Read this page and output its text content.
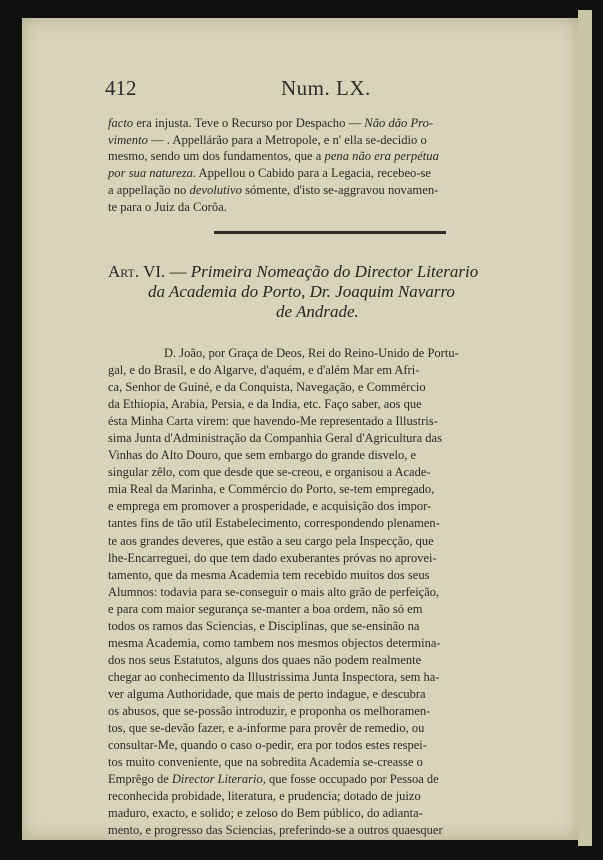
412	Num. LX.
facto era injusta. Teve o Recurso por Despacho — Não dão Pro-
vimento — . Appellárão para a Metropole, e n' ella se-decidio o
mesmo, sendo um dos fundamentos, que a pena não era perpétua
por sua natureza. Appellou o Cabido para a Legacia, recebeo-se
a appellação no devolutivo sómente, d'isto se-aggravou novamen-
te para o Juiz da Corôa.
Art. VI. — Primeira Nomeação do Director Literario
da Academia do Porto, Dr. Joaquim Navarro
de Andrade.
D. João, por Graça de Deos, Rei do Reino-Unido de Portu-
gal, e do Brasil, e do Algarve, d'aquém, e d'além Mar em Afri-
ca, Senhor de Guiné, e da Conquista, Navegação, e Commércio
da Ethiopia, Arabia, Persia, e da India, etc. Faço saber, aos que
ésta Minha Carta virem: que havendo-Me representado a Illustris-
sima Junta d'Administração da Companhia Geral d'Agricultura das
Vinhas do Alto Douro, que sem embargo do grande disvelo, e
singular zêlo, com que desde que se-creou, e organisou a Acade-
mia Real da Marinha, e Commércio do Porto, se-tem empregado,
e emprega em promover a prosperidade, e acquisição dos impor-
tantes fins de tão util Estabelecimento, correspondendo plenamen-
te aos grandes deveres, que estão a seu cargo pela Inspecção, que
lhe-Encarreguei, do que tem dado exuberantes próvas no aprovei-
tamento, que da mesma Academia tem recebido muitos dos seus
Alumnos: todavia para se-conseguir o mais alto grão de perfeição,
e para com maior segurança se-manter a boa ordem, não só em
todos os ramos das Sciencias, e Disciplinas, que se-ensinão na
mesma Academia, como tambem nos mesmos objectos determina-
dos nos seus Estatutos, alguns dos quaes não podem realmente
chegar ao conhecimento da Illustrissima Junta Inspectora, sem ha-
ver alguma Authoridade, que mais de perto indague, e descubra
os abusos, que se-possão introduzir, e proponha os melhoramen-
tos, que se-devão fazer, e a-informe para provêr de remedio, ou
consultar-Me, quando o caso o-pedir, era por todos estes respei-
tos muito conveniente, que na sobredita Academia se-creasse o
Emprêgo de Director Literario, que fosse occupado por Pessoa de
reconhecida probidade, literatura, e prudencia; dotado de juizo
maduro, exacto, e solido; e zeloso do Bem público, do adianta-
mento, e progresso das Sciencias, preferindo-se a outros quaesquer
